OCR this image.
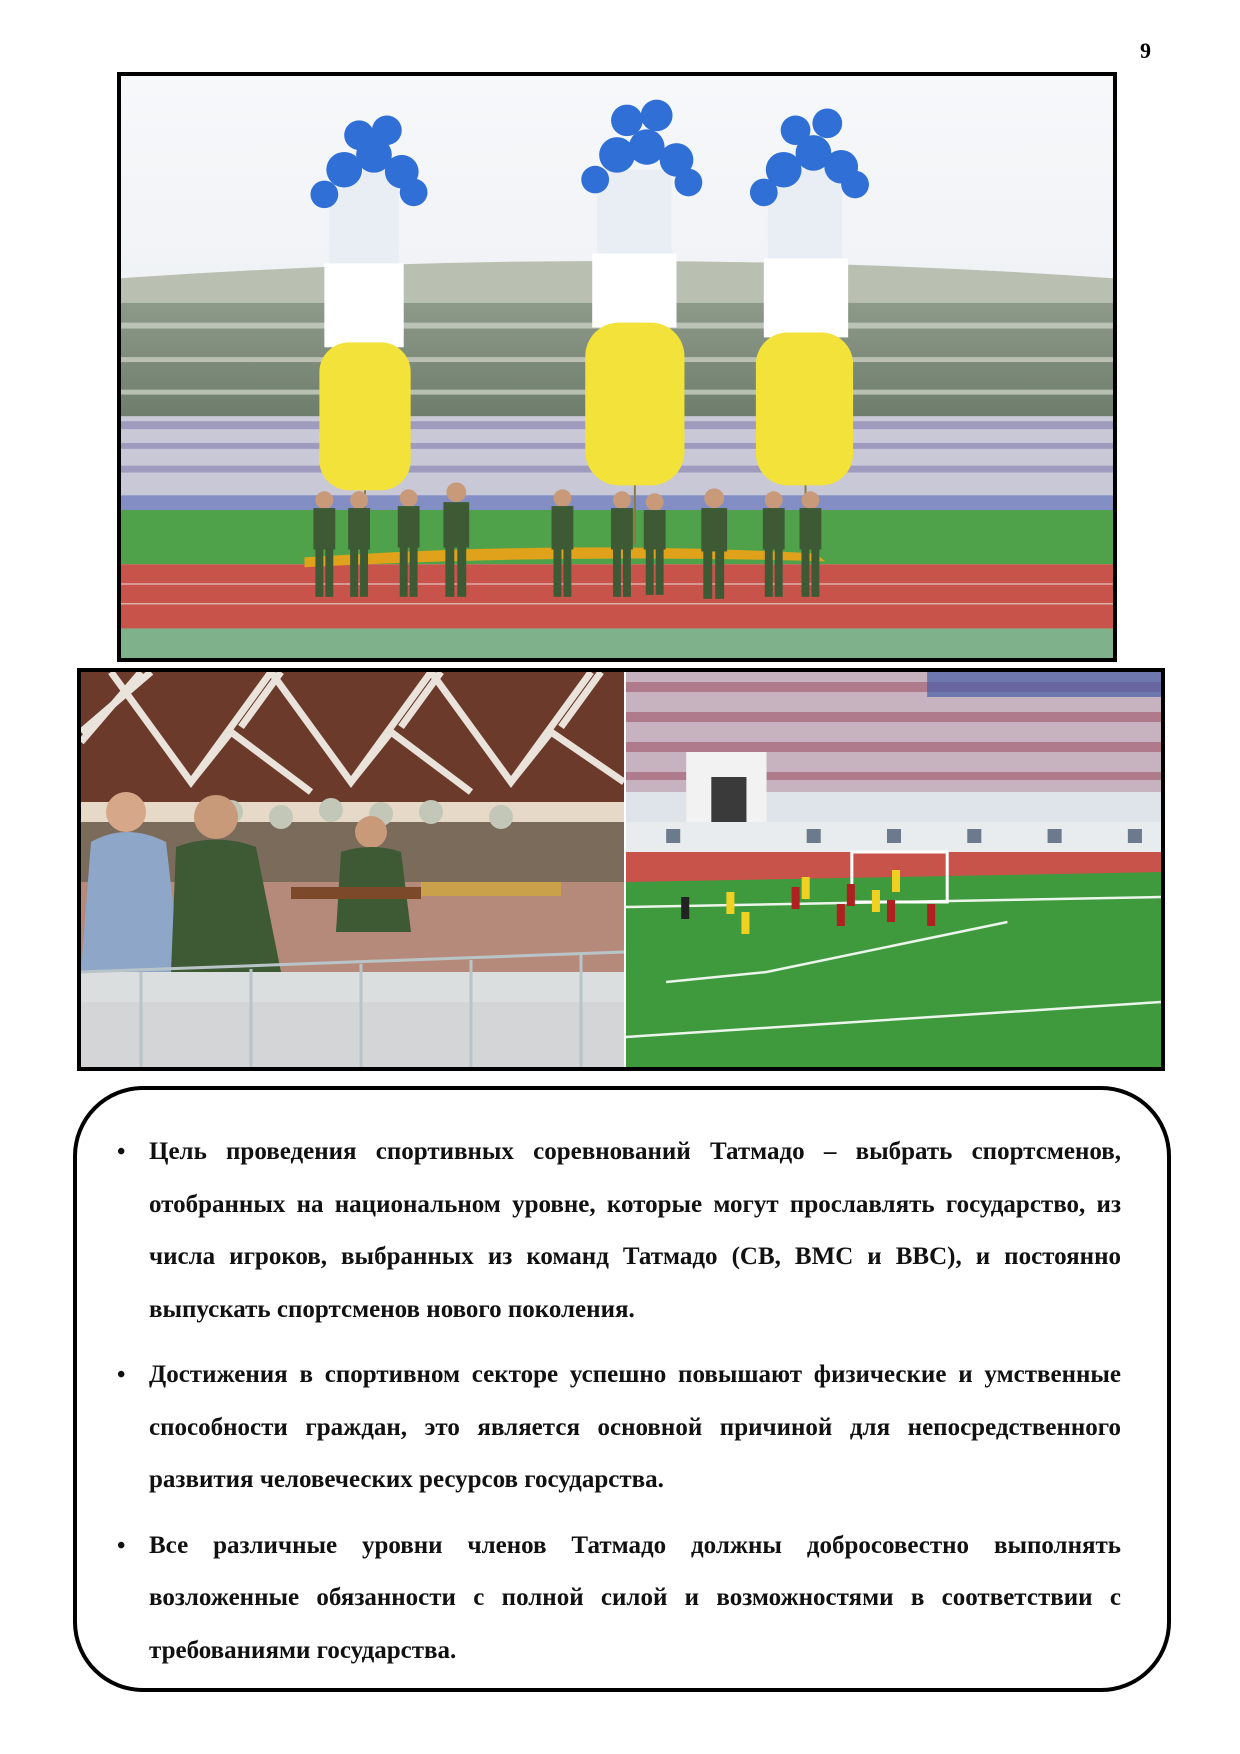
9
• Цель проведения спортивных соревнований Татмадо – выбрать спортсменов, отобранных на национальном уровне, которые могут прославлять государство, из числа игроков, выбранных из команд Татмадо (СВ, ВМС и ВВС), и постоянно выпускать спортсменов нового поколения.
• Достижения в спортивном секторе успешно повышают физические и умственные способности граждан, это является основной причиной для непосредственного развития человеческих ресурсов государства.
• Все различные уровни членов Татмадо должны добросовестно выполнять возложенные обязанности с полной силой и возможностями в соответствии с требованиями государства.
